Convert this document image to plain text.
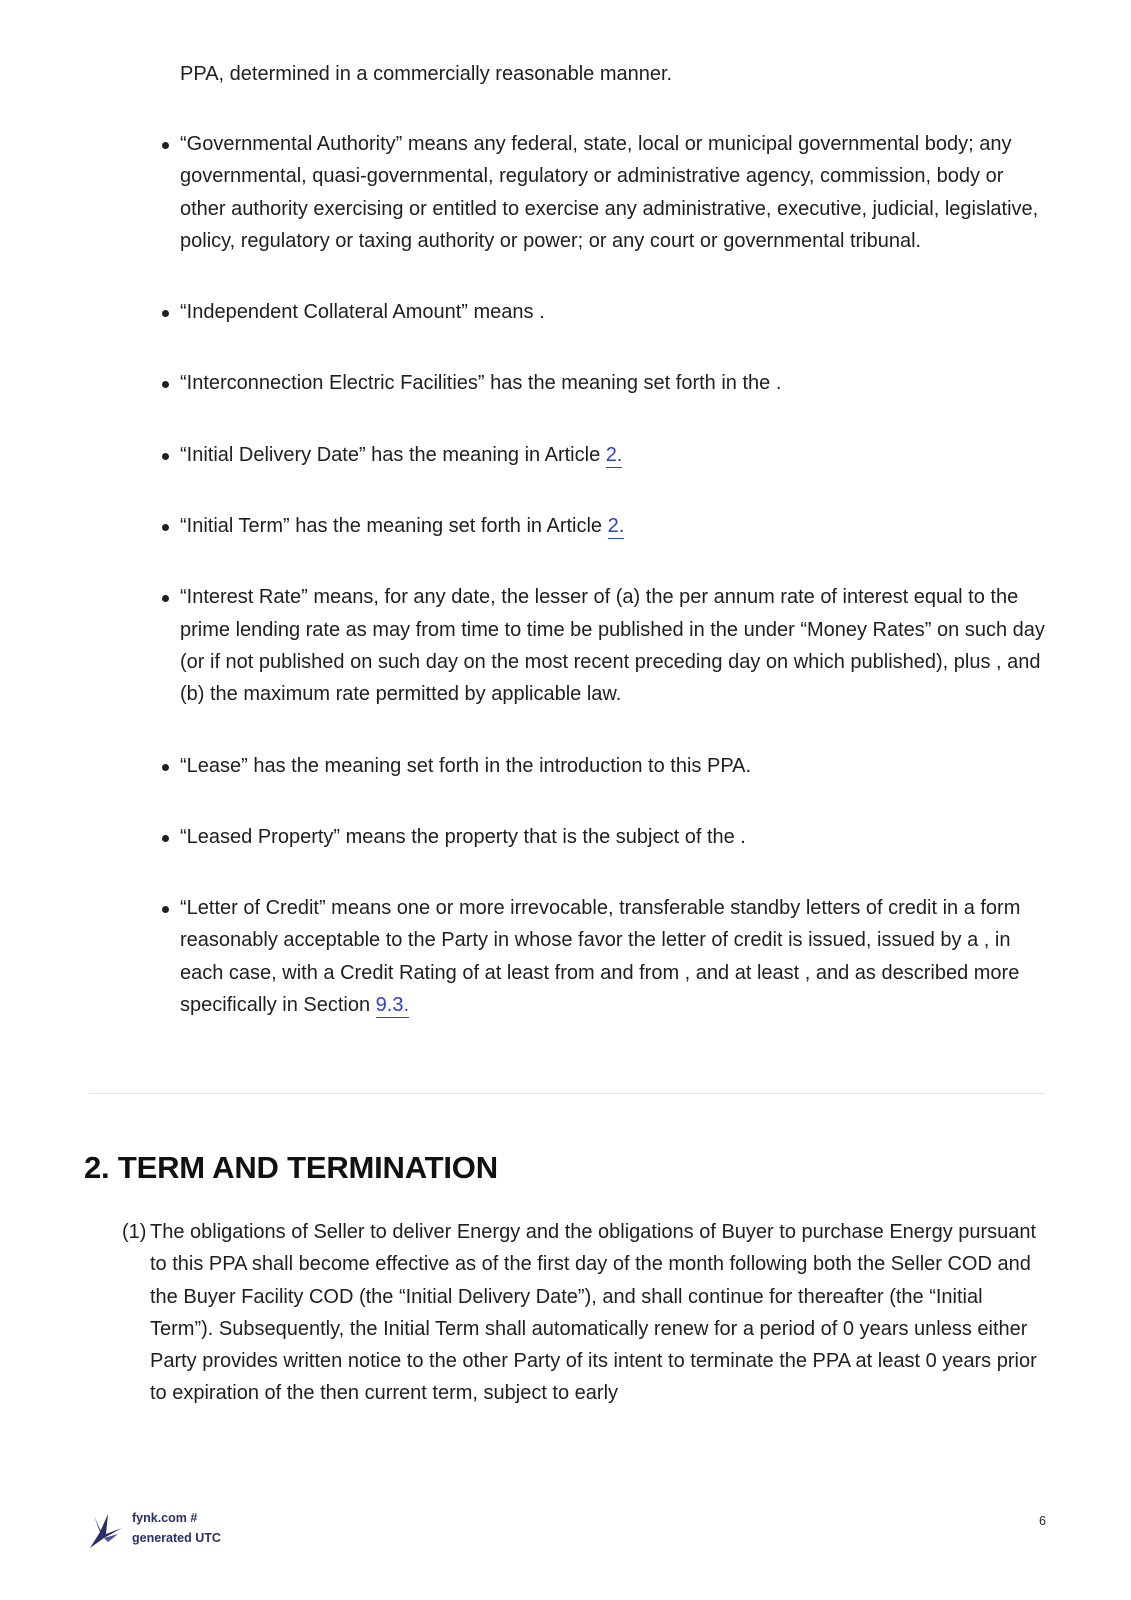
PPA, determined in a commercially reasonable manner.

“Governmental Authority” means any federal, state, local or municipal governmental body; any governmental, quasi-governmental, regulatory or administrative agency, commission, body or other authority exercising or entitled to exercise any administrative, executive, judicial, legislative, policy, regulatory or taxing authority or power; or any court or governmental tribunal.
“Independent Collateral Amount” means .
“Interconnection Electric Facilities” has the meaning set forth in the .
“Initial Delivery Date” has the meaning in Article 2.
“Initial Term” has the meaning set forth in Article 2.
“Interest Rate” means, for any date, the lesser of (a) the per annum rate of interest equal to the prime lending rate as may from time to time be published in the under “Money Rates” on such day (or if not published on such day on the most recent preceding day on which published), plus , and (b) the maximum rate permitted by applicable law.
“Lease” has the meaning set forth in the introduction to this PPA.
“Leased Property” means the property that is the subject of the .
“Letter of Credit” means one or more irrevocable, transferable standby letters of credit in a form reasonably acceptable to the Party in whose favor the letter of credit is issued, issued by a , in each case, with a Credit Rating of at least from and from , and at least , and as described more specifically in Section 9.3.
2. TERM AND TERMINATION
(1) The obligations of Seller to deliver Energy and the obligations of Buyer to purchase Energy pursuant to this PPA shall become effective as of the first day of the month following both the Seller COD and the Buyer Facility COD (the “Initial Delivery Date”), and shall continue for thereafter (the “Initial Term”). Subsequently, the Initial Term shall automatically renew for a period of 0 years unless either Party provides written notice to the other Party of its intent to terminate the PPA at least 0 years prior to expiration of the then current term, subject to early
fynk.com #
generated UTC
6
